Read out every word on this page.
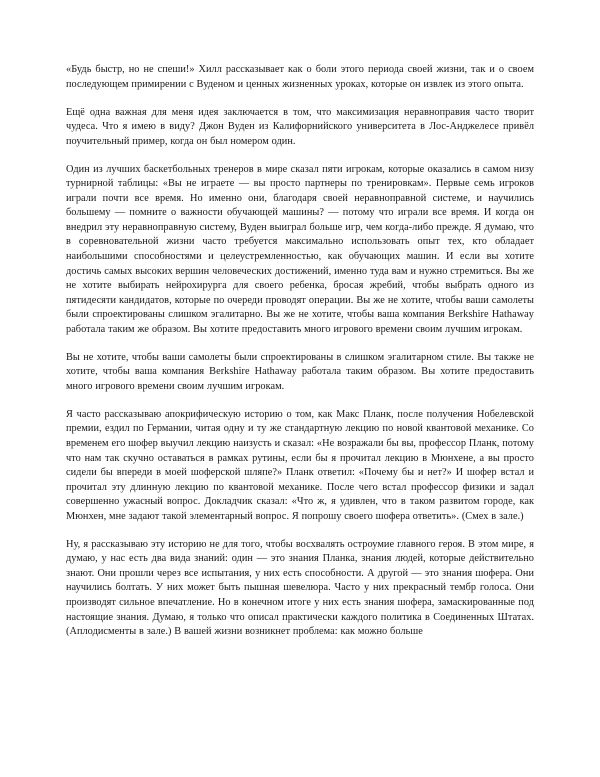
«Будь быстр, но не спеши!» Хилл рассказывает как о боли этого периода своей жизни, так и о своем последующем примирении с Вуденом и ценных жизненных уроках, которые он извлек из этого опыта.

Ещё одна важная для меня идея заключается в том, что максимизация неравноправия часто творит чудеса. Что я имею в виду? Джон Вуден из Калифорнийского университета в Лос-Анджелесе привёл поучительный пример, когда он был номером один.

Один из лучших баскетбольных тренеров в мире сказал пяти игрокам, которые оказались в самом низу турнирной таблицы: «Вы не играете — вы просто партнеры по тренировкам». Первые семь игроков играли почти все время. Но именно они, благодаря своей неравноправной системе, и научились большему — помните о важности обучающей машины? — потому что играли все время. И когда он внедрил эту неравноправную систему, Вуден выиграл больше игр, чем когда-либо прежде. Я думаю, что в соревновательной жизни часто требуется максимально использовать опыт тех, кто обладает наибольшими способностями и целеустремленностью, как обучающих машин. И если вы хотите достичь самых высоких вершин человеческих достижений, именно туда вам и нужно стремиться. Вы же не хотите выбирать нейрохирурга для своего ребенка, бросая жребий, чтобы выбрать одного из пятидесяти кандидатов, которые по очереди проводят операции. Вы же не хотите, чтобы ваши самолеты были спроектированы слишком эгалитарно. Вы же не хотите, чтобы ваша компания Berkshire Hathaway работала таким же образом. Вы хотите предоставить много игрового времени своим лучшим игрокам.

Вы не хотите, чтобы ваши самолеты были спроектированы в слишком эгалитарном стиле. Вы также не хотите, чтобы ваша компания Berkshire Hathaway работала таким образом. Вы хотите предоставить много игрового времени своим лучшим игрокам.

Я часто рассказываю апокрифическую историю о том, как Макс Планк, после получения Нобелевской премии, ездил по Германии, читая одну и ту же стандартную лекцию по новой квантовой механике. Со временем его шофер выучил лекцию наизусть и сказал: «Не возражали бы вы, профессор Планк, потому что нам так скучно оставаться в рамках рутины, если бы я прочитал лекцию в Мюнхене, а вы просто сидели бы впереди в моей шоферской шляпе?» Планк ответил: «Почему бы и нет?» И шофер встал и прочитал эту длинную лекцию по квантовой механике. После чего встал профессор физики и задал совершенно ужасный вопрос. Докладчик сказал: «Что ж, я удивлен, что в таком развитом городе, как Мюнхен, мне задают такой элементарный вопрос. Я попрошу своего шофера ответить». (Смех в зале.)

Ну, я рассказываю эту историю не для того, чтобы восхвалять остроумие главного героя. В этом мире, я думаю, у нас есть два вида знаний: один — это знания Планка, знания людей, которые действительно знают. Они прошли через все испытания, у них есть способности. А другой — это знания шофера. Они научились болтать. У них может быть пышная шевелюра. Часто у них прекрасный тембр голоса. Они производят сильное впечатление. Но в конечном итоге у них есть знания шофера, замаскированные под настоящие знания. Думаю, я только что описал практически каждого политика в Соединенных Штатах. (Аплодисменты в зале.) В вашей жизни возникнет проблема: как можно больше
